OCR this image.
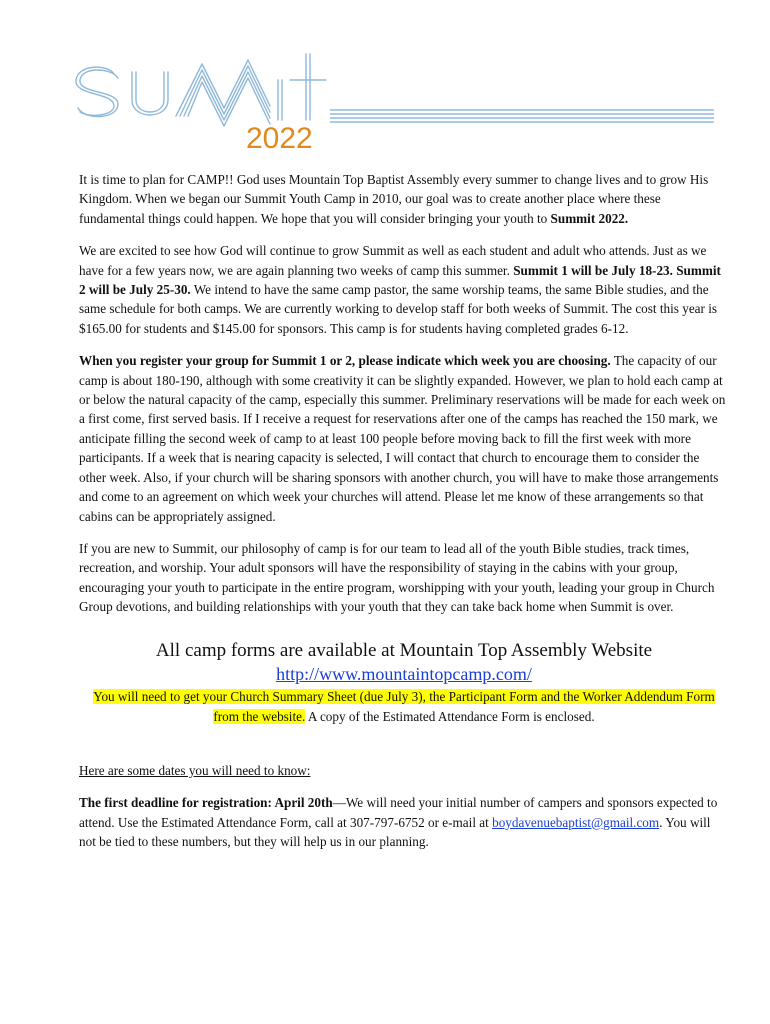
2022

It is time to plan for CAMP!! God uses Mountain Top Baptist Assembly every summer to change lives and to grow His Kingdom. When we began our Summit Youth Camp in 2010, our goal was to create another place where these fundamental things could happen. We hope that you will consider bringing your youth to Summit 2022.

We are excited to see how God will continue to grow Summit as well as each student and adult who attends. Just as we have for a few years now, we are again planning two weeks of camp this summer. Summit 1 will be July 18-23. Summit 2 will be July 25-30. We intend to have the same camp pastor, the same worship teams, the same Bible studies, and the same schedule for both camps. We are currently working to develop staff for both weeks of Summit. The cost this year is $165.00 for students and $145.00 for sponsors. This camp is for students having completed grades 6-12.

When you register your group for Summit 1 or 2, please indicate which week you are choosing. The capacity of our camp is about 180-190, although with some creativity it can be slightly expanded. However, we plan to hold each camp at or below the natural capacity of the camp, especially this summer. Preliminary reservations will be made for each week on a first come, first served basis. If I receive a request for reservations after one of the camps has reached the 150 mark, we anticipate filling the second week of camp to at least 100 people before moving back to fill the first week with more participants. If a week that is nearing capacity is selected, I will contact that church to encourage them to consider the other week. Also, if your church will be sharing sponsors with another church, you will have to make those arrangements and come to an agreement on which week your churches will attend. Please let me know of these arrangements so that cabins can be appropriately assigned.

If you are new to Summit, our philosophy of camp is for our team to lead all of the youth Bible studies, track times, recreation, and worship. Your adult sponsors will have the responsibility of staying in the cabins with your group, encouraging your youth to participate in the entire program, worshipping with your youth, leading your group in Church Group devotions, and building relationships with your youth that they can take back home when Summit is over.

All camp forms are available at Mountain Top Assembly Website
http://www.mountaintopcamp.com/
You will need to get your Church Summary Sheet (due July 3), the Participant Form and the Worker Addendum Form from the website. A copy of the Estimated Attendance Form is enclosed.

Here are some dates you will need to know:

The first deadline for registration: April 20th—We will need your initial number of campers and sponsors expected to attend. Use the Estimated Attendance Form, call at 307-797-6752 or e-mail at boydavenuebaptist@gmail.com. You will not be tied to these numbers, but they will help us in our planning.
